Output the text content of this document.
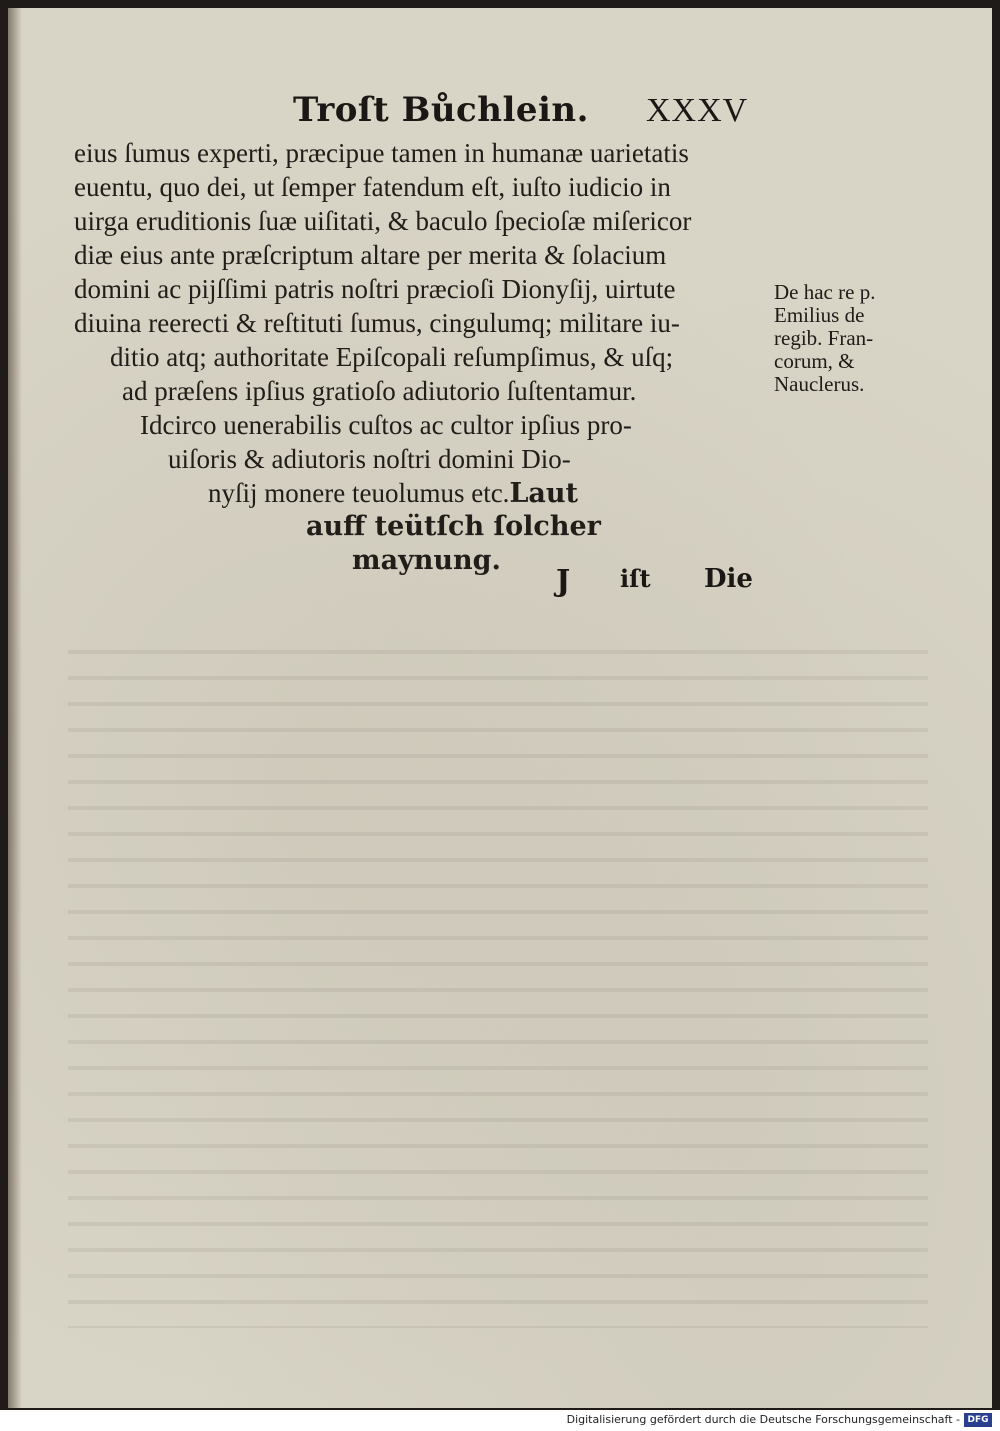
Troſt Bůchlein. XXXV
eius ſumus experti, præcipue tamen in humanæ uarietatis
euentu, quo dei, ut ſemper fatendum eſt, iuſto iudicio in
uirga eruditionis ſuæ uiſitati, & baculo ſpecioſæ miſericor
diæ eius ante præſcriptum altare per merita & ſolacium
domini ac pijſſimi patris noſtri præcioſi Dionyſij, uirtute
diuina reerecti & reſtituti ſumus, cingulumq; militare iu-
ditio atq; authoritate Epiſcopali reſumpſimus, & uſq;
ad præſens ipſius gratioſo adiutorio ſuſtentamur.
Idcirco uenerabilis cuſtos ac cultor ipſius pro-
uiſoris & adiutoris noſtri domini Dio-
nyſij monere teuolumus etc.Laut
auff teütſch ſolcher
maynung.
J iſt Die
De hac re p.
Emilius de
regib. Fran-
corum, &
Nauclerus.
Digitalisierung gefördert durch die Deutsche Forschungsgemeinschaft - DFG
